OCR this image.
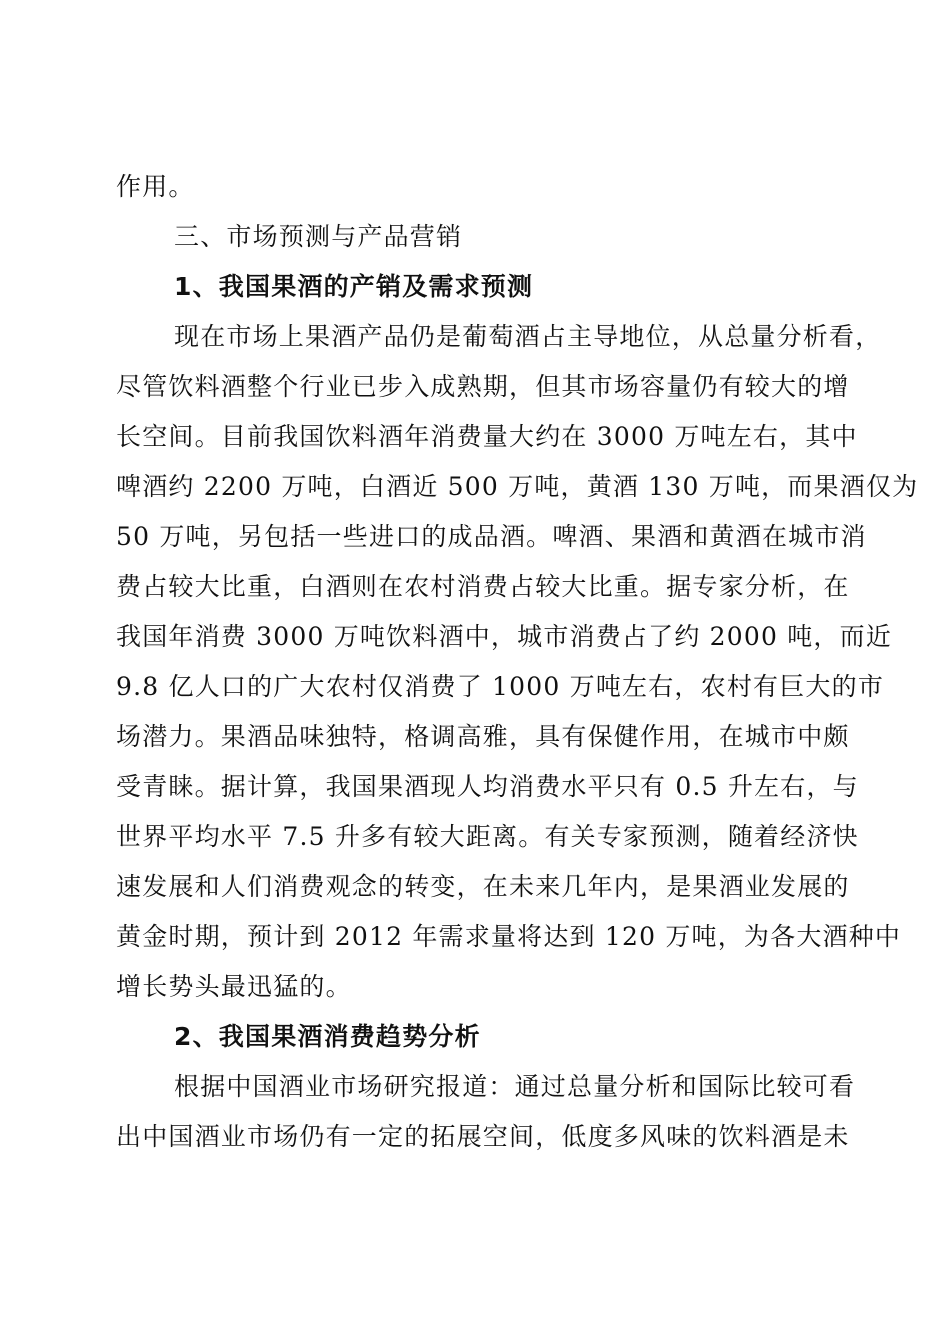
作用。
三、市场预测与产品营销
1、我国果酒的产销及需求预测
现在市场上果酒产品仍是葡萄酒占主导地位，从总量分析看，
尽管饮料酒整个行业已步入成熟期，但其市场容量仍有较大的增
长空间。目前我国饮料酒年消费量大约在 3000 万吨左右，其中
啤酒约 2200 万吨，白酒近 500 万吨，黄酒 130 万吨，而果酒仅为
50 万吨，另包括一些进口的成品酒。啤酒、果酒和黄酒在城市消
费占较大比重，白酒则在农村消费占较大比重。据专家分析，在
我国年消费 3000 万吨饮料酒中，城市消费占了约 2000 吨，而近
9.8 亿人口的广大农村仅消费了 1000 万吨左右，农村有巨大的市
场潜力。果酒品味独特，格调高雅，具有保健作用，在城市中颇
受青睐。据计算，我国果酒现人均消费水平只有 0.5 升左右，与
世界平均水平 7.5 升多有较大距离。有关专家预测，随着经济快
速发展和人们消费观念的转变，在未来几年内，是果酒业发展的
黄金时期，预计到 2012 年需求量将达到 120 万吨，为各大酒种中
增长势头最迅猛的。
2、我国果酒消费趋势分析
根据中国酒业市场研究报道：通过总量分析和国际比较可看
出中国酒业市场仍有一定的拓展空间，低度多风味的饮料酒是未
